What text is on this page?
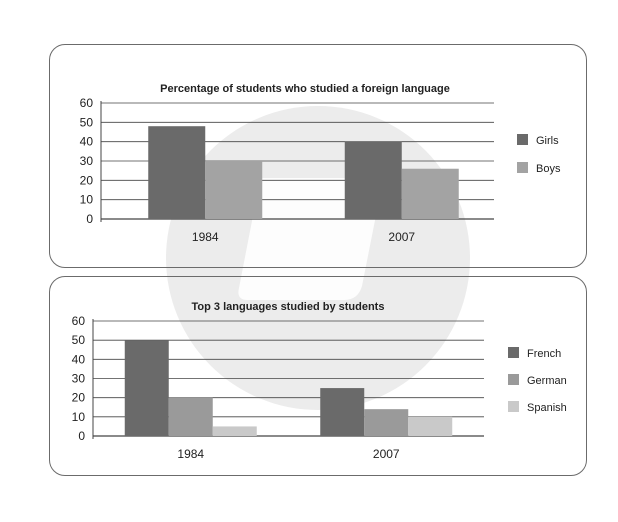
Percentage of students who studied a foreign language
0
10
20
30
40
50
60
1984	2007
Girls
Boys
Top 3 languages studied by students
0
10
20
30
40
50
60
1984	2007
French
German
Spanish
